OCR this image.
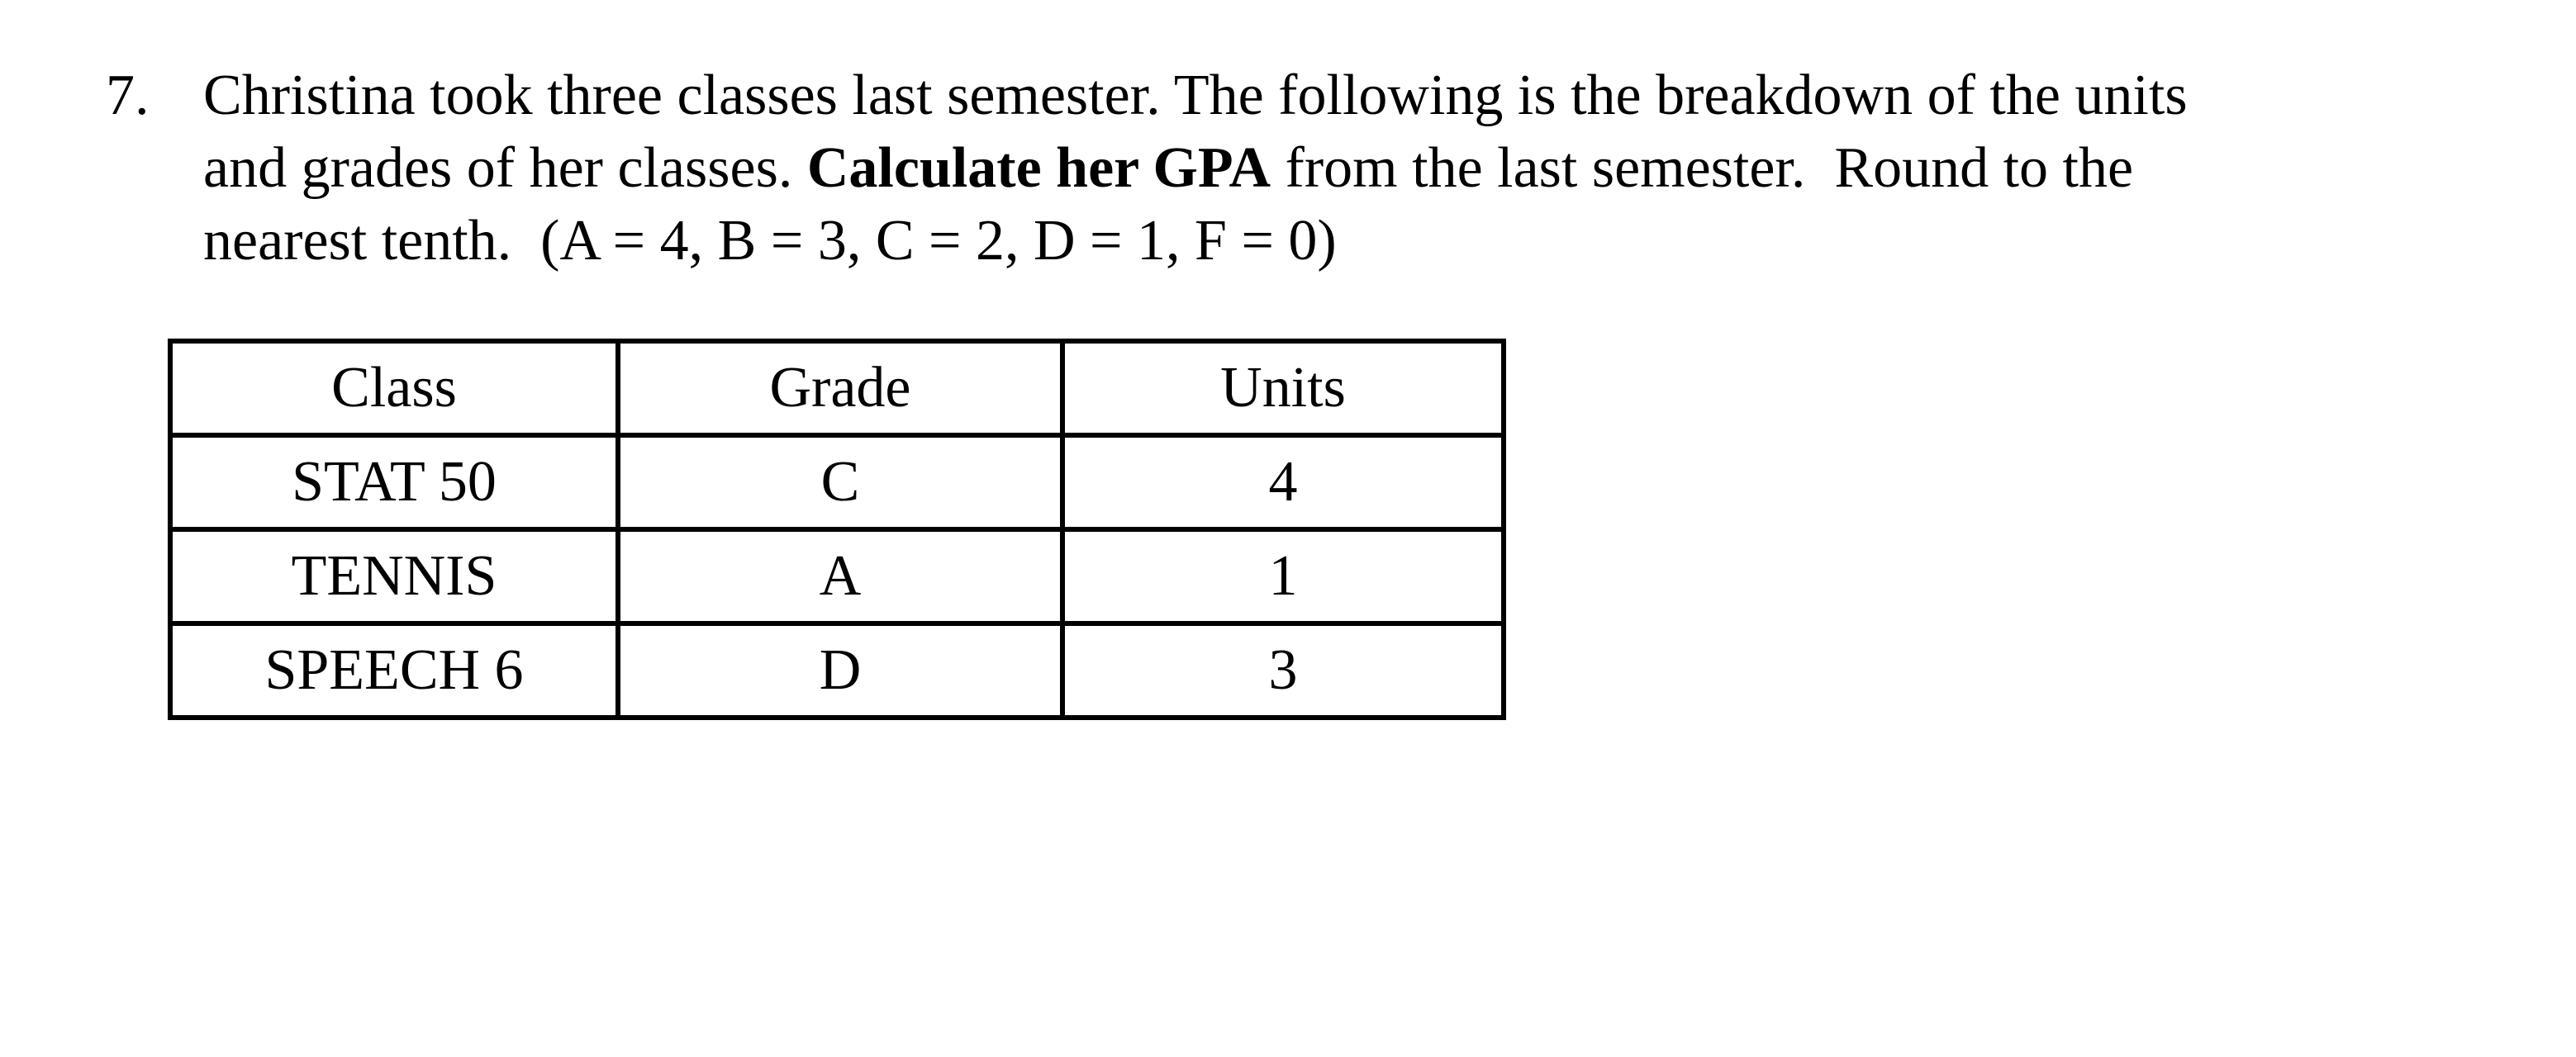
7. Christina took three classes last semester. The following is the breakdown of the units
and grades of her classes. Calculate her GPA from the last semester.  Round to the
nearest tenth.  (A = 4, B = 3, C = 2, D = 1, F = 0)
Class	Grade	Units
STAT 50	C	4
TENNIS	A	1
SPEECH 6	D	3
